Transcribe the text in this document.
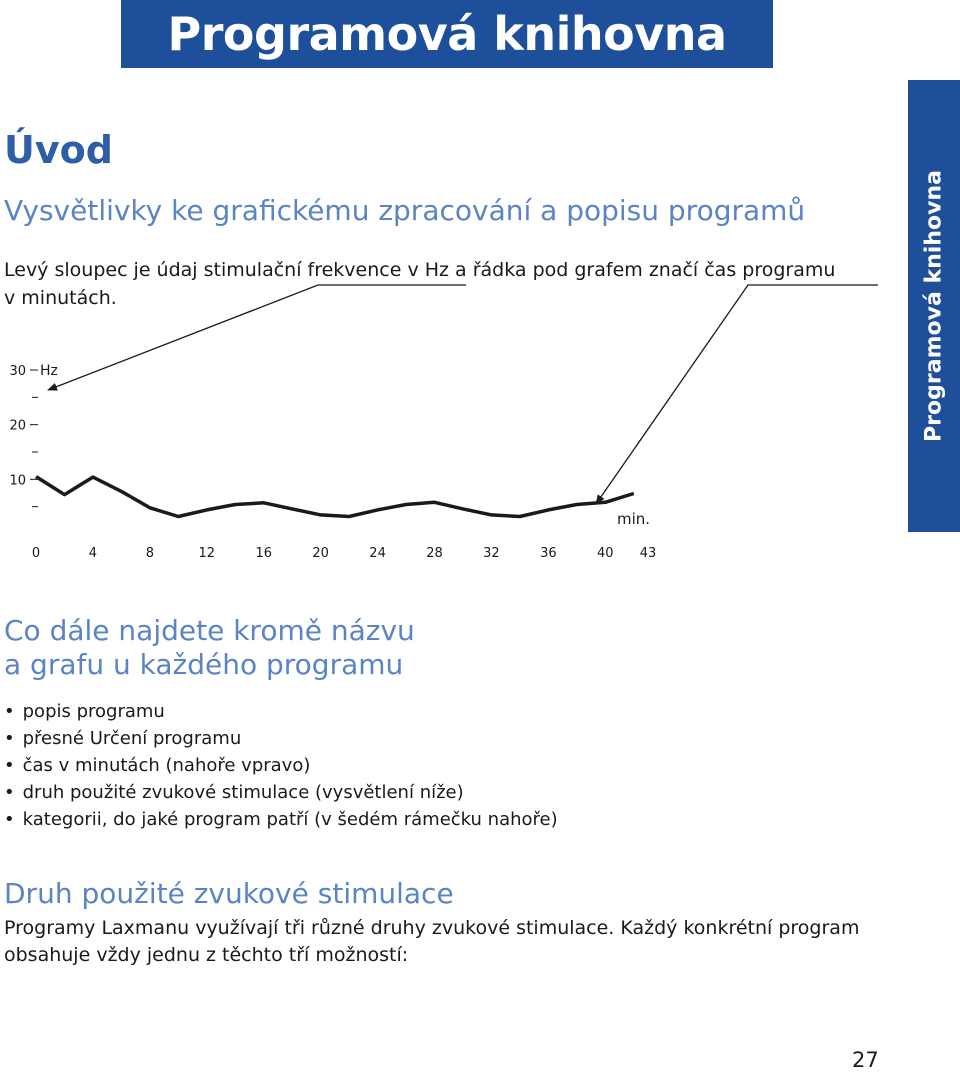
Programová knihovna
Programová knihovna
Úvod
Vysvětlivky ke grafickému zpracování a popisu programů

Levý sloupec je údaj stimulační frekvence v Hz a řádka pod grafem značí čas programu

v minutách.

30
20
10
0	4	8	12	16	20	24	28	32	36	40 43
Hz
min.
Co dále najdete kromě názvu
a grafu u každého programu
• popis programu
• přesné Určení programu
• čas v minutách (nahoře vpravo)
• druh použité zvukové stimulace (vysvětlení níže)
• kategorii, do jaké program patří (v šedém rámečku nahoře)
Druh použité zvukové stimulace

Programy Laxmanu využívají tři různé druhy zvukové stimulace. Každý konkrétní program

obsahuje vždy jednu z těchto tří možností:

27
